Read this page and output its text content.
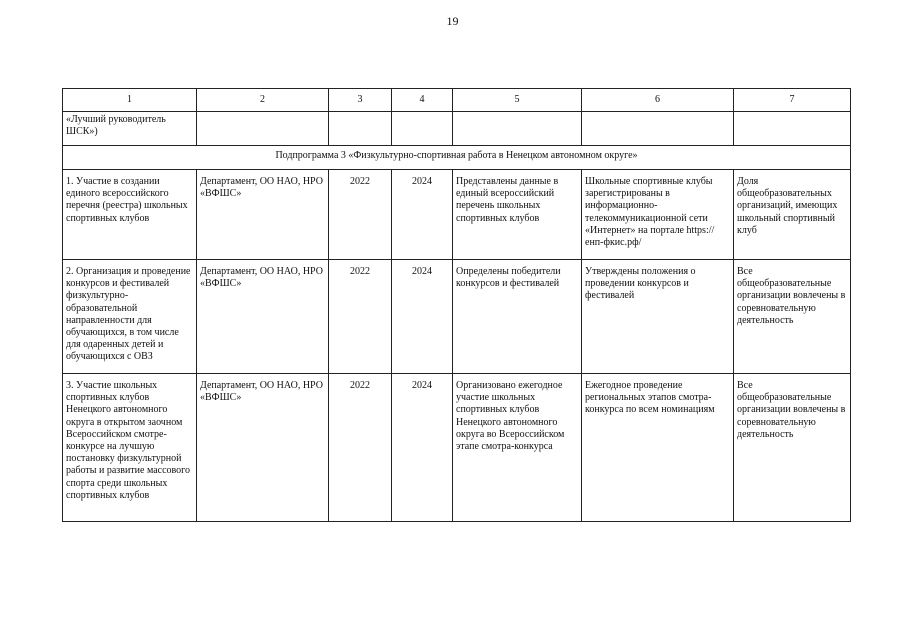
19
1	2	3	4	5	6	7
«Лучший руководитель ШСК»)						
Подпрограмма 3 «Физкультурно-спортивная работа в Ненецком автономном округе»						
1. Участие в создании единого всероссийского перечня (реестра) школьных спортивных клубов	Департамент, ОО НАО, НРО «ВФШС»	2022	2024	Представлены данные в единый всероссийский перечень школьных спортивных клубов	Школьные спортивные клубы зарегистрированы в информационно-телекоммуникационной сети «Интернет» на портале https://енп-фкис.рф/	Доля общеобразовательных организаций, имеющих школьный спортивный клуб
2. Организация и проведение конкурсов и фестивалей физкультурно-образовательной направленности для обучающихся, в том числе для одаренных детей и обучающихся с ОВЗ	Департамент, ОО НАО, НРО «ВФШС»	2022	2024	Определены победители конкурсов и фестивалей	Утверждены положения о проведении конкурсов и фестивалей	Все общеобразовательные организации вовлечены в соревновательную деятельность
3. Участие школьных спортивных клубов Ненецкого автономного округа в открытом заочном Всероссийском смотре-конкурсе на лучшую постановку физкультурной работы и развитие массового спорта среди школьных спортивных клубов	Департамент, ОО НАО, НРО «ВФШС»	2022	2024	Организовано ежегодное участие школьных спортивных клубов Ненецкого автономного округа во Всероссийском этапе смотра-конкурса	Ежегодное проведение региональных этапов смотра-конкурса по всем номинациям	Все общеобразовательные организации вовлечены в соревновательную деятельность
